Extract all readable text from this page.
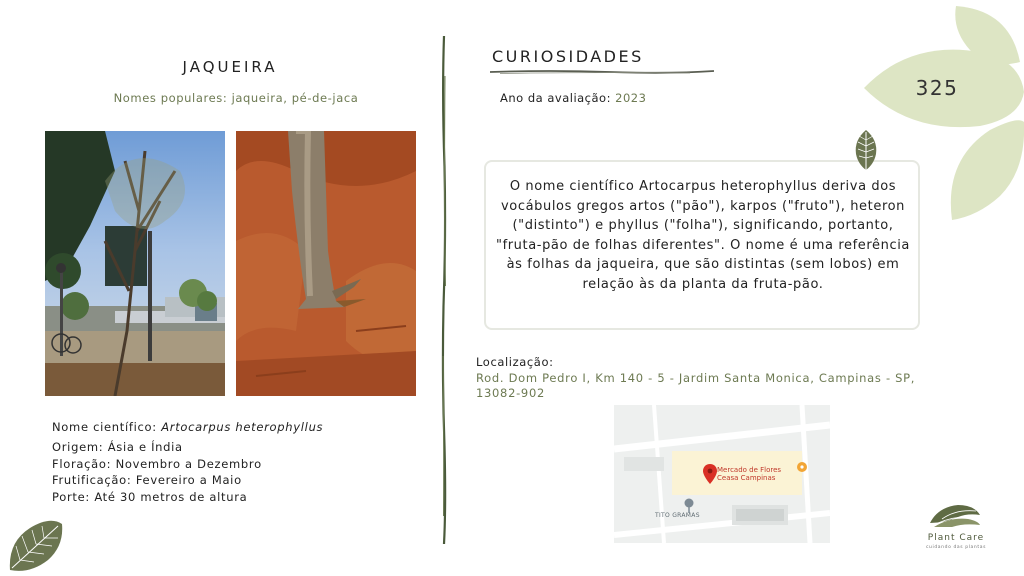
JAQUEIRA
Nomes populares: jaqueira, pé-de-jaca
Nome científico: Artocarpus heterophyllus
Origem: Ásia e Índia
Floração: Novembro a Dezembro
Frutificação: Fevereiro a Maio
Porte: Até 30 metros de altura
CURIOSIDADES
Ano da avaliação: 2023
O nome científico Artocarpus heterophyllus deriva dos vocábulos gregos artos ("pão"), karpos ("fruto"), heteron ("distinto") e phyllus ("folha"), significando, portanto, "fruta-pão de folhas diferentes". O nome é uma referência às folhas da jaqueira, que são distintas (sem lobos) em relação às da planta da fruta-pão.
Localização:
Rod. Dom Pedro I, Km 140 - 5 - Jardim Santa Monica, Campinas - SP, 13082-902
Mercado de Flores
Ceasa Campinas
TITO GRAMAS
325
Plant Care
cuidando das plantas
